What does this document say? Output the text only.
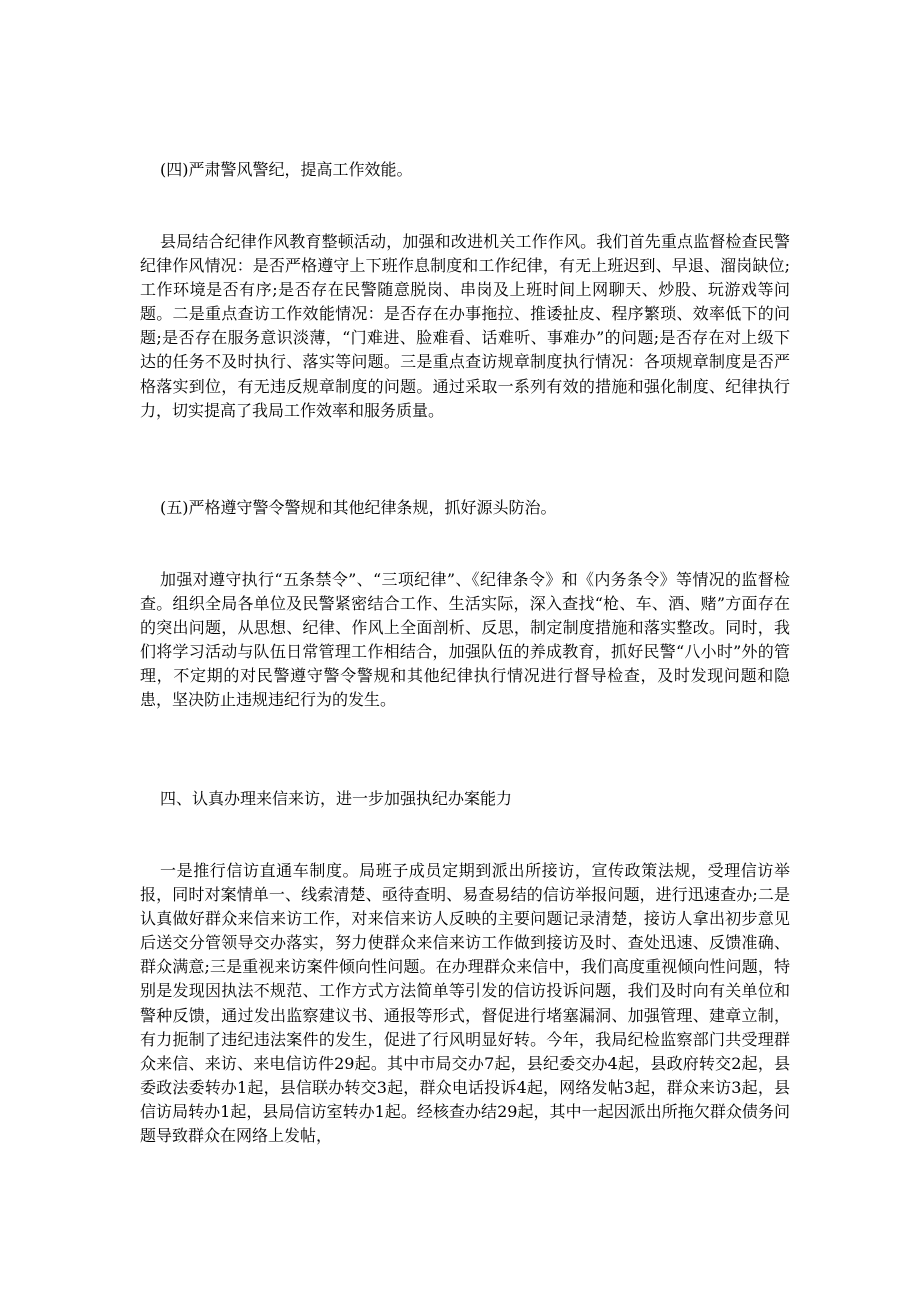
(四)严肃警风警纪，提高工作效能。

县局结合纪律作风教育整顿活动，加强和改进机关工作作风。我们首先重点监督检查民警纪律作风情况：是否严格遵守上下班作息制度和工作纪律，有无上班迟到、早退、溜岗缺位;工作环境是否有序;是否存在民警随意脱岗、串岗及上班时间上网聊天、炒股、玩游戏等问题。二是重点查访工作效能情况：是否存在办事拖拉、推诿扯皮、程序繁琐、效率低下的问题;是否存在服务意识淡薄，“门难进、脸难看、话难听、事难办”的问题;是否存在对上级下达的任务不及时执行、落实等问题。三是重点查访规章制度执行情况：各项规章制度是否严格落实到位，有无违反规章制度的问题。通过采取一系列有效的措施和强化制度、纪律执行力，切实提高了我局工作效率和服务质量。

(五)严格遵守警令警规和其他纪律条规，抓好源头防治。

加强对遵守执行“五条禁令”、“三项纪律”、《纪律条令》和《内务条令》等情况的监督检查。组织全局各单位及民警紧密结合工作、生活实际，深入查找“枪、车、酒、赌”方面存在的突出问题，从思想、纪律、作风上全面剖析、反思，制定制度措施和落实整改。同时，我们将学习活动与队伍日常管理工作相结合，加强队伍的养成教育，抓好民警“八小时”外的管理，不定期的对民警遵守警令警规和其他纪律执行情况进行督导检查，及时发现问题和隐患，坚决防止违规违纪行为的发生。

四、认真办理来信来访，进一步加强执纪办案能力

一是推行信访直通车制度。局班子成员定期到派出所接访，宣传政策法规，受理信访举报，同时对案情单一、线索清楚、亟待查明、易查易结的信访举报问题，进行迅速查办;二是认真做好群众来信来访工作，对来信来访人反映的主要问题记录清楚，接访人拿出初步意见后送交分管领导交办落实，努力使群众来信来访工作做到接访及时、查处迅速、反馈准确、群众满意;三是重视来访案件倾向性问题。在办理群众来信中，我们高度重视倾向性问题，特别是发现因执法不规范、工作方式方法简单等引发的信访投诉问题，我们及时向有关单位和警种反馈，通过发出监察建议书、通报等形式，督促进行堵塞漏洞、加强管理、建章立制，有力扼制了违纪违法案件的发生，促进了行风明显好转。今年，我局纪检监察部门共受理群众来信、来访、来电信访件29起。其中市局交办7起，县纪委交办4起，县政府转交2起，县委政法委转办1起，县信联办转交3起，群众电话投诉4起，网络发帖3起，群众来访3起，县信访局转办1起，县局信访室转办1起。经核查办结29起，其中一起因派出所拖欠群众债务问题导致群众在网络上发帖，
